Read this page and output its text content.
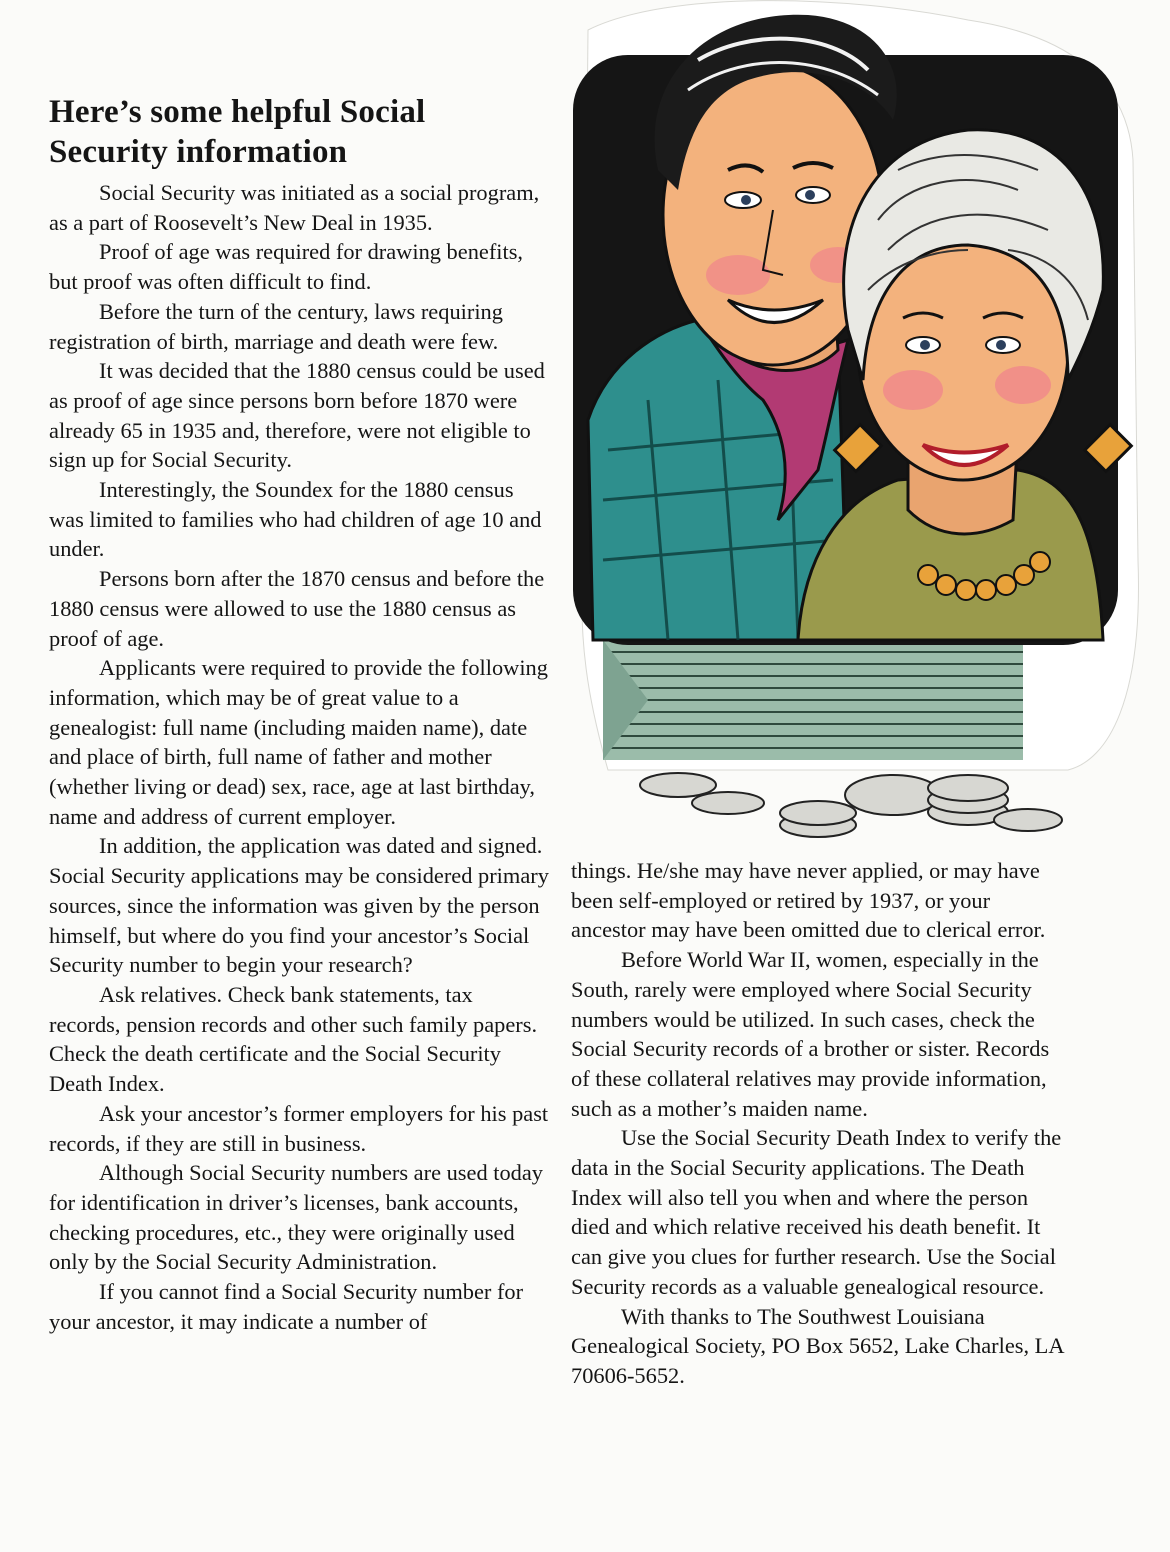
Here’s some helpful Social Security information

Social Security was initiated as a social program, as a part of Roosevelt’s New Deal in 1935.

Proof of age was required for drawing benefits, but proof was often difficult to find.

Before the turn of the century, laws requiring registration of birth, marriage and death were few.

It was decided that the 1880 census could be used as proof of age since persons born before 1870 were already 65 in 1935 and, therefore, were not eligible to sign up for Social Security.

Interestingly, the Soundex for the 1880 census was limited to families who had children of age 10 and under.

Persons born after the 1870 census and before the 1880 census were allowed to use the 1880 census as proof of age.

Applicants were required to provide the following information, which may be of great value to a genealogist: full name (including maiden name), date and place of birth, full name of father and mother (whether living or dead) sex, race, age at last birthday, name and address of current employer.

In addition, the application was dated and signed. Social Security applications may be considered primary sources, since the information was given by the person himself, but where do you find your ancestor’s Social Security number to begin your research?

Ask relatives. Check bank statements, tax records, pension records and other such family papers. Check the death certificate and the Social Security Death Index.

Ask your ancestor’s former employers for his past records, if they are still in business.

Although Social Security numbers are used today for identification in driver’s licenses, bank accounts, checking procedures, etc., they were originally used only by the Social Security Administration.

If you cannot find a Social Security number for your ancestor, it may indicate a number of

things. He/she may have never applied, or may have been self-employed or retired by 1937, or your ancestor may have been omitted due to clerical error.

Before World War II, women, especially in the South, rarely were employed where Social Security numbers would be utilized. In such cases, check the Social Security records of a brother or sister. Records of these collateral relatives may provide information, such as a mother’s maiden name.

Use the Social Security Death Index to verify the data in the Social Security applications. The Death Index will also tell you when and where the person died and which relative received his death benefit. It can give you clues for further research. Use the Social Security records as a valuable genealogical resource.

With thanks to The Southwest Louisiana Genealogical Society, PO Box 5652, Lake Charles, LA 70606-5652.
